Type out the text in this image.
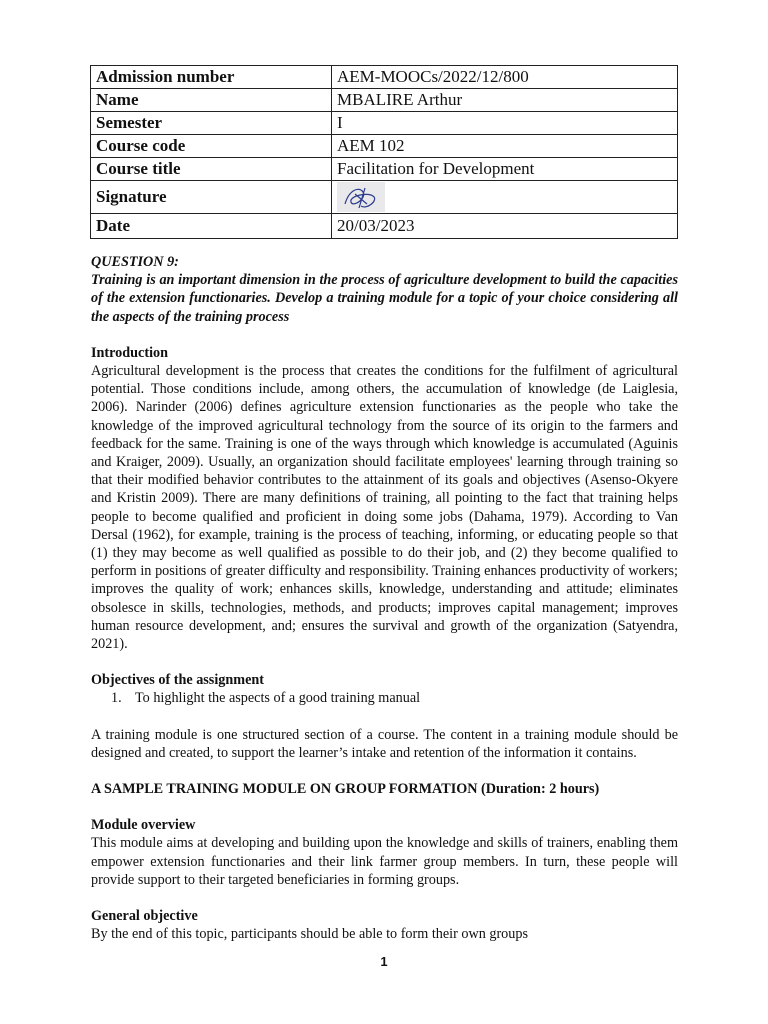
Admission number	AEM-MOOCs/2022/12/800
Name	MBALIRE Arthur
Semester	I
Course code	AEM 102
Course title	Facilitation for Development
Signature	
Date	20/03/2023

QUESTION 9:

Training is an important dimension in the process of agriculture development to build the capacities of the extension functionaries. Develop a training module for a topic of your choice considering all the aspects of the training process

Introduction

Agricultural development is the process that creates the conditions for the fulfilment of agricultural potential. Those conditions include, among others, the accumulation of knowledge (de Laiglesia, 2006). Narinder (2006) defines agriculture extension functionaries as the people who take the knowledge of the improved agricultural technology from the source of its origin to the farmers and feedback for the same. Training is one of the ways through which knowledge is accumulated (Aguinis and Kraiger, 2009). Usually, an organization should facilitate employees' learning through training so that their modified behavior contributes to the attainment of its goals and objectives (Asenso-Okyere and Kristin 2009). There are many definitions of training, all pointing to the fact that training helps people to become qualified and proficient in doing some jobs (Dahama, 1979). According to Van Dersal (1962), for example, training is the process of teaching, informing, or educating people so that (1) they may become as well qualified as possible to do their job, and (2) they become qualified to perform in positions of greater difficulty and responsibility. Training enhances productivity of workers; improves the quality of work; enhances skills, knowledge, understanding and attitude; eliminates obsolesce in skills, technologies, methods, and products; improves capital management; improves human resource development, and; ensures the survival and growth of the organization (Satyendra, 2021).

Objectives of the assignment

1. To highlight the aspects of a good training manual

A training module is one structured section of a course. The content in a training module should be designed and created, to support the learner’s intake and retention of the information it contains.

A SAMPLE TRAINING MODULE ON GROUP FORMATION (Duration: 2 hours)

Module overview

This module aims at developing and building upon the knowledge and skills of trainers, enabling them empower extension functionaries and their link farmer group members. In turn, these people will provide support to their targeted beneficiaries in forming groups.

General objective

By the end of this topic, participants should be able to form their own groups

1
